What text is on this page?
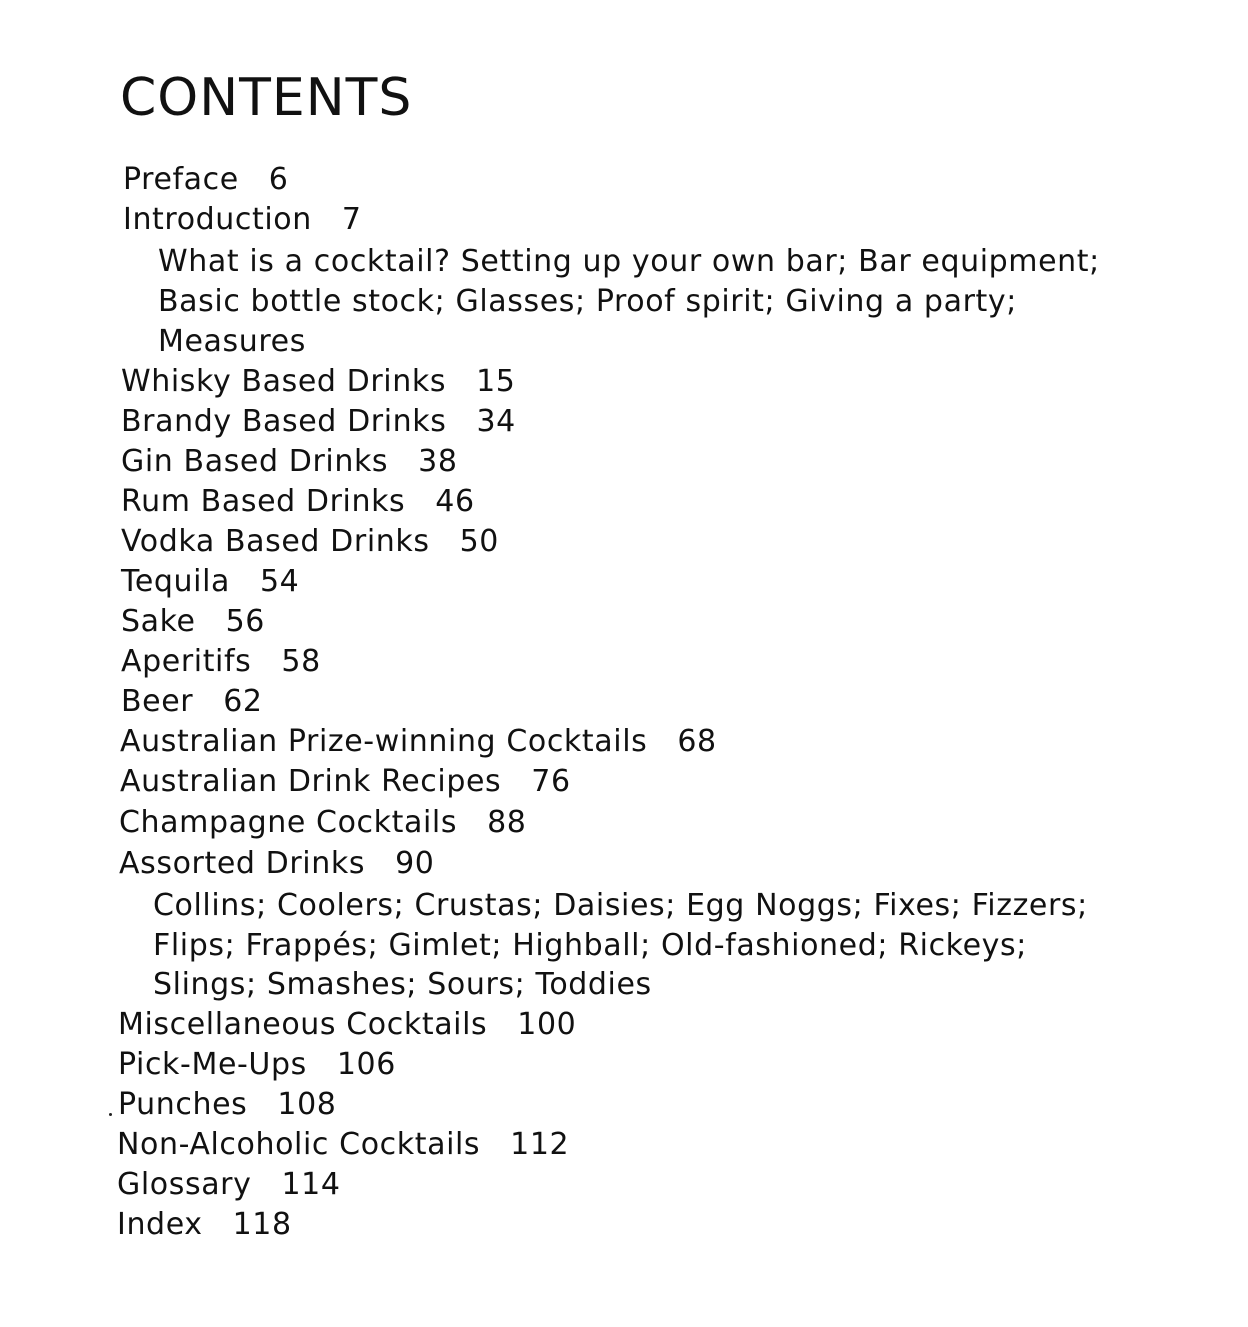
CONTENTS
Preface 6
Introduction 7
What is a cocktail? Setting up your own bar; Bar equipment;
Basic bottle stock; Glasses; Proof spirit; Giving a party;
Measures
Whisky Based Drinks 15
Brandy Based Drinks 34
Gin Based Drinks 38
Rum Based Drinks 46
Vodka Based Drinks 50
Tequila 54
Sake 56
Aperitifs 58
Beer 62
Australian Prize-winning Cocktails 68
Australian Drink Recipes 76
Champagne Cocktails 88
Assorted Drinks 90
Collins; Coolers; Crustas; Daisies; Egg Noggs; Fixes; Fizzers;
Flips; Frappés; Gimlet; Highball; Old-fashioned; Rickeys;
Slings; Smashes; Sours; Toddies
Miscellaneous Cocktails 100
Pick-Me-Ups 106
Punches 108
Non-Alcoholic Cocktails 112
Glossary 114
Index 118
